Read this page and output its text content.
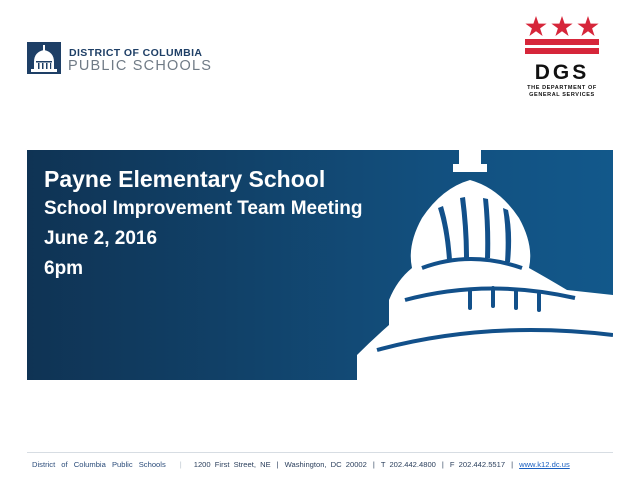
DISTRICT OF COLUMBIA
PUBLIC SCHOOLS	DGS
THE DEPARTMENT OF
GENERAL SERVICES
Payne Elementary School
School Improvement Team Meeting
June 2, 2016
6pm
District of Columbia Public Schools | 1200 First Street, NE | Washington, DC 20002 | T 202.442.4800 | F 202.442.5517 | www.k12.dc.us
